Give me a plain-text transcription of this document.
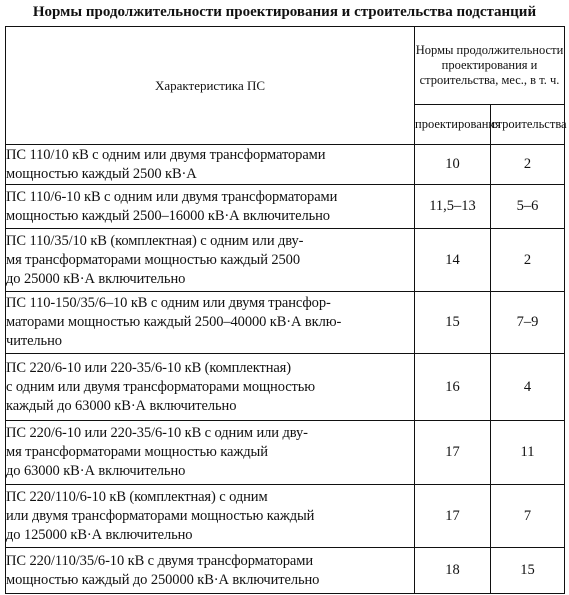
Нормы продолжительности проектирования и строительства подстанций
Характеристика ПС	Нормы продолжительности проектирования и строительства, мес., в т. ч.	
	проектирования	строительства
ПС 110/10 кВ с одним или двумя трансформаторами
мощностью каждый 2500 кВ·А	10	2
ПС 110/6-10 кВ с одним или двумя трансформаторами
мощностью каждый 2500–16000 кВ·А включительно	11,5–13	5–6
ПС 110/35/10 кВ (комплектная) с одним или дву-
мя трансформаторами мощностью каждый 2500
до 25000 кВ·А включительно	14	2
ПС 110-150/35/6–10 кВ с одним или двумя трансфор-
маторами мощностью каждый 2500–40000 кВ·А вклю-
чительно	15	7–9
ПС 220/6-10 или 220-35/6-10 кВ (комплектная)
с одним или двумя трансформаторами мощностью
каждый до 63000 кВ·А включительно	16	4
ПС 220/6-10 или 220-35/6-10 кВ с одним или дву-
мя трансформаторами мощностью каждый
до 63000 кВ·А включительно	17	11
ПС 220/110/6-10 кВ (комплектная) с одним
или двумя трансформаторами мощностью каждый
до 125000 кВ·А включительно	17	7
ПС 220/110/35/6-10 кВ с двумя трансформаторами
мощностью каждый до 250000 кВ·А включительно	18	15
